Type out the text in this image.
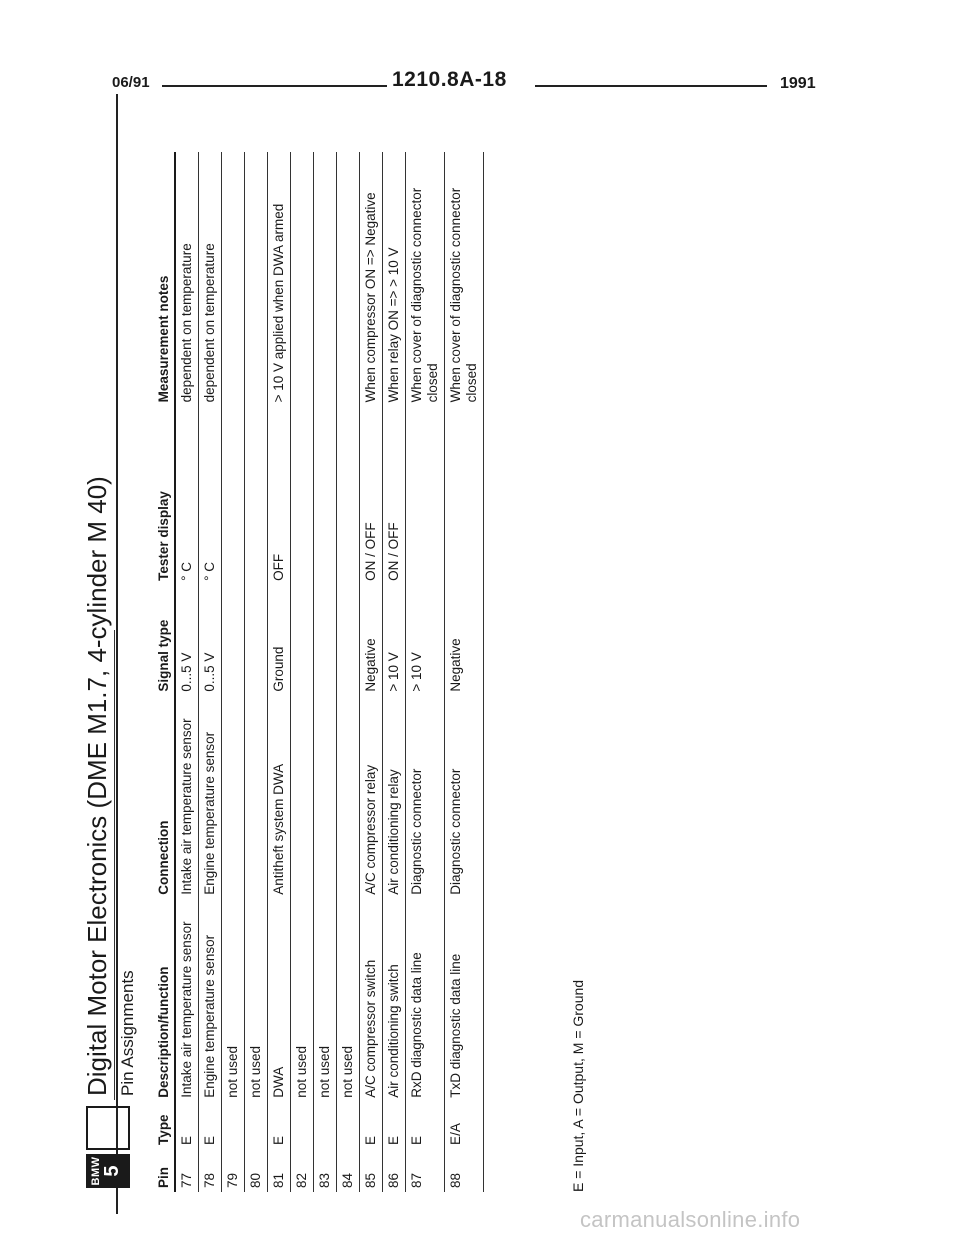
06/91	1210.8A-18	1991
BMW 5
Digital Motor Electronics (DME M1.7, 4-cylinder M 40) Pin Assignments
Pin	Type	Description/function	Connection	Signal type	Tester display	Measurement notes
77	E	Intake air temperature sensor	Intake air temperature sensor	0...5 V	° C	dependent on temperature
78	E	Engine temperature sensor	Engine temperature sensor	0...5 V	° C	dependent on temperature
79		not used				
80		not used				
81	E	DWA	Antitheft system DWA	Ground	OFF	> 10 V applied when DWA armed
82		not used				
83		not used				
84		not used				
85	E	A/C compressor switch	A/C compressor relay	Negative	ON / OFF	When compressor ON => Negative
86	E	Air conditioning switch	Air conditioning relay	> 10 V	ON / OFF	When relay ON => > 10 V
87	E	RxD diagnostic data line	Diagnostic connector	> 10 V		When cover of diagnostic connector closed
88	E/A	TxD diagnostic data line	Diagnostic connector	Negative		When cover of diagnostic connector closed
E = Input, A = Output, M = Ground
carmanualsonline.info
